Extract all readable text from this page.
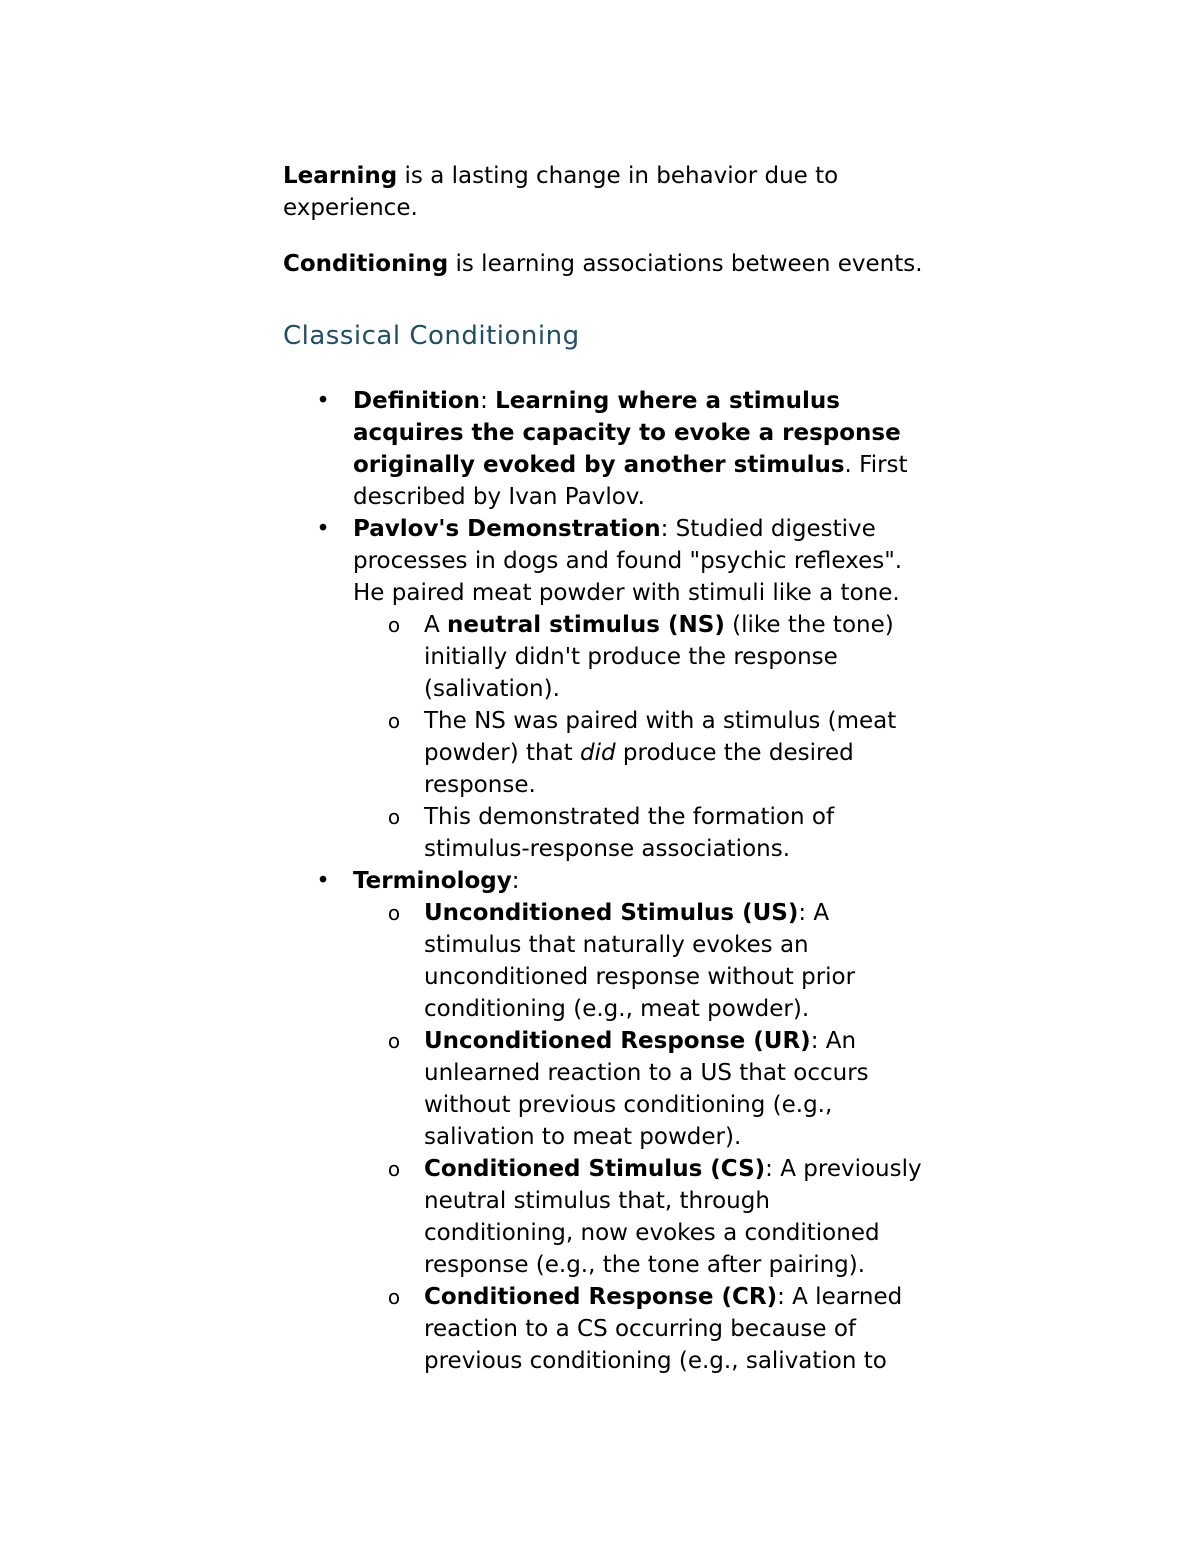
Learning is a lasting change in behavior due to experience.

Conditioning is learning associations between events.

Classical Conditioning
• Definition: Learning where a stimulus acquires the capacity to evoke a response originally evoked by another stimulus. First described by Ivan Pavlov.
• Pavlov's Demonstration: Studied digestive processes in dogs and found "psychic reflexes". He paired meat powder with stimuli like a tone.
o A neutral stimulus (NS) (like the tone) initially didn't produce the response (salivation).
o The NS was paired with a stimulus (meat powder) that did produce the desired response.
o This demonstrated the formation of stimulus-response associations.
• Terminology:
o Unconditioned Stimulus (US): A stimulus that naturally evokes an unconditioned response without prior conditioning (e.g., meat powder).
o Unconditioned Response (UR): An unlearned reaction to a US that occurs without previous conditioning (e.g., salivation to meat powder).
o Conditioned Stimulus (CS): A previously neutral stimulus that, through conditioning, now evokes a conditioned response (e.g., the tone after pairing).
o Conditioned Response (CR): A learned reaction to a CS occurring because of previous conditioning (e.g., salivation to
